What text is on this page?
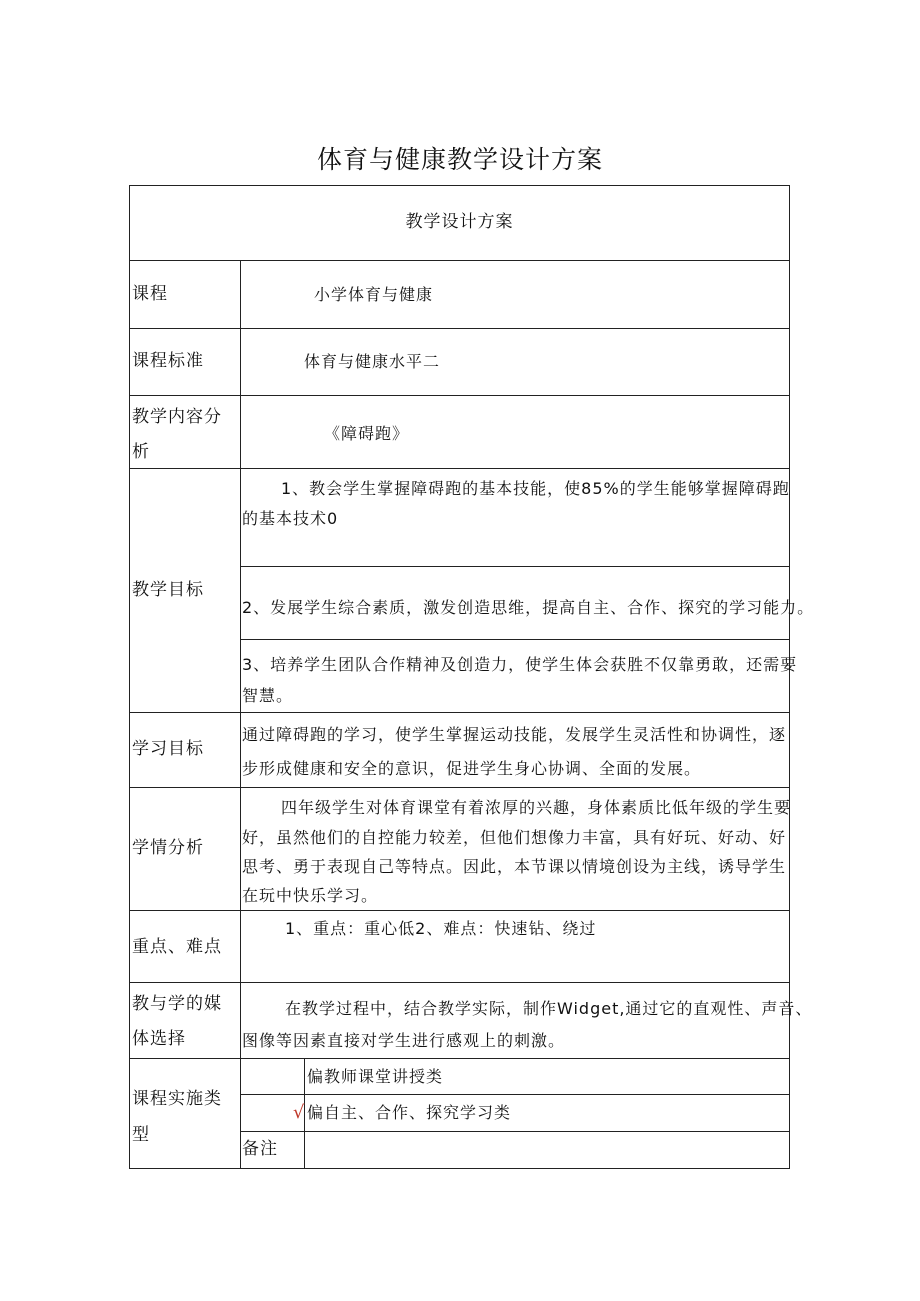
体育与健康教学设计方案
教学设计方案
课程	小学体育与健康
课程标准	体育与健康水平二
教学内容分
析
《障碍跑》
教学目标
1、教会学生掌握障碍跑的基本技能，使85%的学生能够掌握障碍跑
的基本技术0
2、发展学生综合素质，激发创造思维，提高自主、合作、探究的学习能力。
3、培养学生团队合作精神及创造力，使学生体会获胜不仅靠勇敢，还需要
智慧。
学习目标
通过障碍跑的学习，使学生掌握运动技能，发展学生灵活性和协调性，逐
步形成健康和安全的意识，促进学生身心协调、全面的发展。
学情分析
四年级学生对体育课堂有着浓厚的兴趣，身体素质比低年级的学生要
好，虽然他们的自控能力较差，但他们想像力丰富，具有好玩、好动、好
思考、勇于表现自己等特点。因此，本节课以情境创设为主线，诱导学生
在玩中快乐学习。
重点、难点
1、重点：重心低2、难点：快速钻、绕过
教与学的媒
体选择
在教学过程中，结合教学实际，制作Widget,通过它的直观性、声音、
图像等因素直接对学生进行感观上的刺激。
课程实施类
型
偏教师课堂讲授类
√ 偏自主、合作、探究学习类
备注
